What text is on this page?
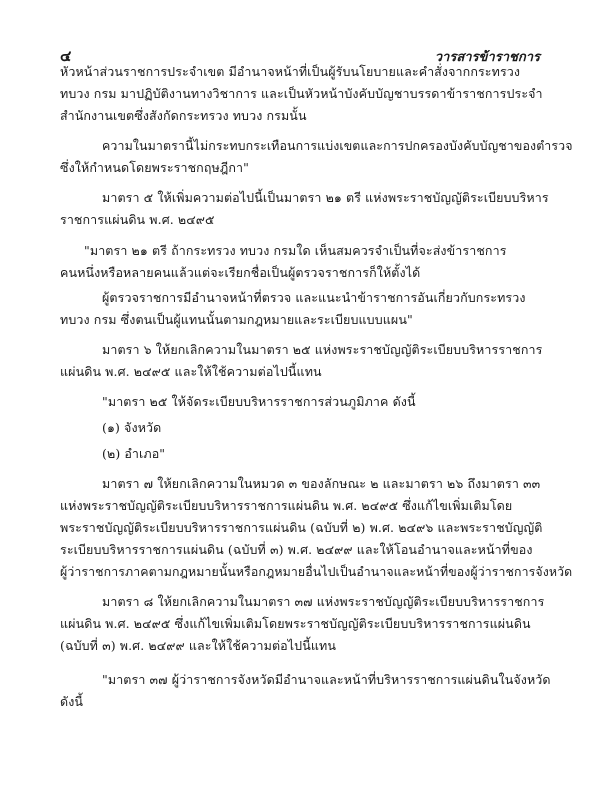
๔	วารสารข้าราชการ
หัวหน้าส่วนราชการประจำเขต มีอำนาจหน้าที่เป็นผู้รับนโยบายและคำสั่งจากกระทรวง
ทบวง กรม มาปฏิบัติงานทางวิชาการ และเป็นหัวหน้าบังคับบัญชาบรรดาข้าราชการประจำ
สำนักงานเขตซึ่งสังกัดกระทรวง ทบวง กรมนั้น
ความในมาตรานี้ไม่กระทบกระเทือนการแบ่งเขตและการปกครองบังคับบัญชาของตำรวจ
ซึ่งให้กำหนดโดยพระราชกฤษฎีกา"
มาตรา ๕ ให้เพิ่มความต่อไปนี้เป็นมาตรา ๒๑ ตรี แห่งพระราชบัญญัติระเบียบบริหาร
ราชการแผ่นดิน พ.ศ. ๒๔๙๕
"มาตรา ๒๑ ตรี ถ้ากระทรวง ทบวง กรมใด เห็นสมควรจำเป็นที่จะส่งข้าราชการ
คนหนึ่งหรือหลายคนแล้วแต่จะเรียกชื่อเป็นผู้ตรวจราชการก็ให้ตั้งได้
ผู้ตรวจราชการมีอำนาจหน้าที่ตรวจ และแนะนำข้าราชการอันเกี่ยวกับกระทรวง
ทบวง กรม ซึ่งตนเป็นผู้แทนนั้นตามกฎหมายและระเบียบแบบแผน"
มาตรา ๖ ให้ยกเลิกความในมาตรา ๒๕ แห่งพระราชบัญญัติระเบียบบริหารราชการ
แผ่นดิน พ.ศ. ๒๔๙๕ และให้ใช้ความต่อไปนี้แทน
"มาตรา ๒๕ ให้จัดระเบียบบริหารราชการส่วนภูมิภาค ดังนี้
(๑) จังหวัด
(๒) อำเภอ"
มาตรา ๗ ให้ยกเลิกความในหมวด ๓ ของลักษณะ ๒ และมาตรา ๒๖ ถึงมาตรา ๓๓
แห่งพระราชบัญญัติระเบียบบริหารราชการแผ่นดิน พ.ศ. ๒๔๙๕ ซึ่งแก้ไขเพิ่มเติมโดย
พระราชบัญญัติระเบียบบริหารราชการแผ่นดิน (ฉบับที่ ๒) พ.ศ. ๒๔๙๖ และพระราชบัญญัติ
ระเบียบบริหารราชการแผ่นดิน (ฉบับที่ ๓) พ.ศ. ๒๔๙๙ และให้โอนอำนาจและหน้าที่ของ
ผู้ว่าราชการภาคตามกฎหมายนั้นหรือกฎหมายอื่นไปเป็นอำนาจและหน้าที่ของผู้ว่าราชการจังหวัด
มาตรา ๘ ให้ยกเลิกความในมาตรา ๓๗ แห่งพระราชบัญญัติระเบียบบริหารราชการ
แผ่นดิน พ.ศ. ๒๔๙๕ ซึ่งแก้ไขเพิ่มเติมโดยพระราชบัญญัติระเบียบบริหารราชการแผ่นดิน
(ฉบับที่ ๓) พ.ศ. ๒๔๙๙ และให้ใช้ความต่อไปนี้แทน
"มาตรา ๓๗ ผู้ว่าราชการจังหวัดมีอำนาจและหน้าที่บริหารราชการแผ่นดินในจังหวัด
ดังนี้
